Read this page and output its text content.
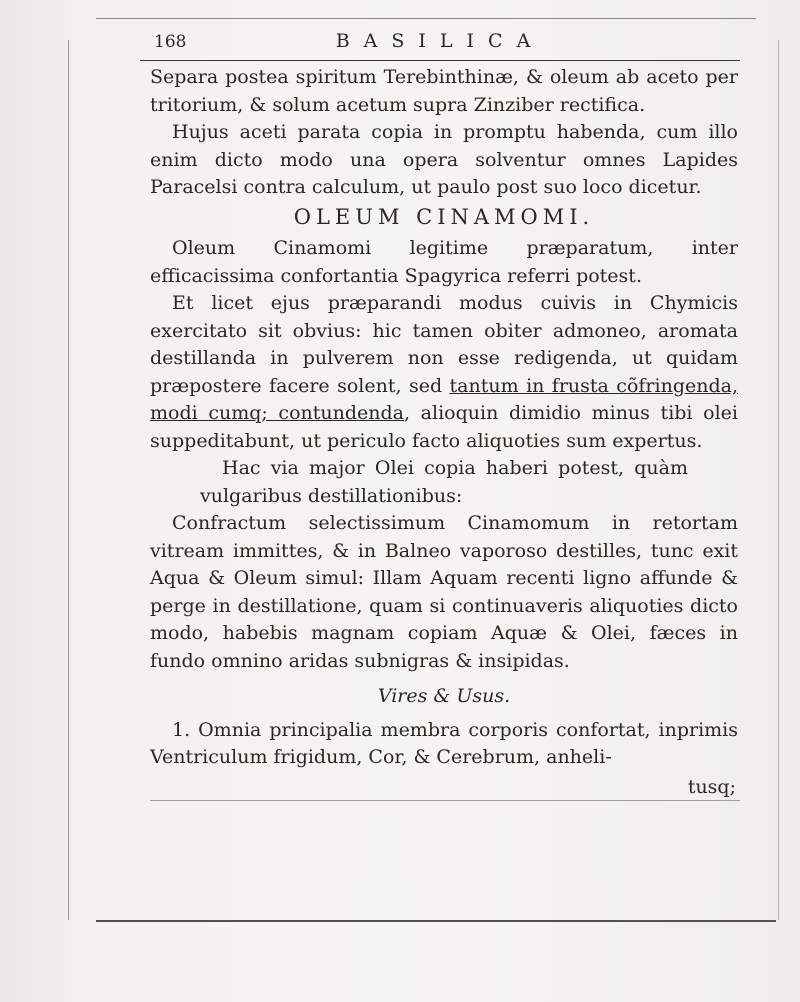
168	BASILICA

Separa postea spiritum Terebinthinæ, & oleum ab aceto per tritorium, & solum acetum supra Zinziber rectifica.

Hujus aceti parata copia in promptu habenda, cum illo enim dicto modo una opera solventur omnes Lapides Paracelsi contra calculum, ut paulo post suo loco dicetur.

OLEUM CINAMOMI.

Oleum Cinamomi legitime præparatum, inter efficacissima confortantia Spagyrica referri potest.

Et licet ejus præparandi modus cuivis in Chymicis exercitato sit obvius: hic tamen obiter admoneo, aromata destillanda in pulverem non esse redigenda, ut quidam præpostere facere solent, sed tantum in frusta cõfringenda, modi cumq; contundenda, alioquin dimidio minus tibi olei suppeditabunt, ut periculo facto aliquoties sum expertus.

Hac via major Olei copia haberi potest, quàm vulgaribus destillationibus:

Confractum selectissimum Cinamomum in retortam vitream immittes, & in Balneo vaporoso destilles, tunc exit Aqua & Oleum simul: Illam Aquam recenti ligno affunde & perge in destillatione, quam si continuaveris aliquoties dicto modo, habebis magnam copiam Aquæ & Olei, fæces in fundo omnino aridas subnigras & insipidas.

Vires & Usus.

1. Omnia principalia membra corporis confortat, inprimis Ventriculum frigidum, Cor, & Cerebrum, anheli-

tusq;
